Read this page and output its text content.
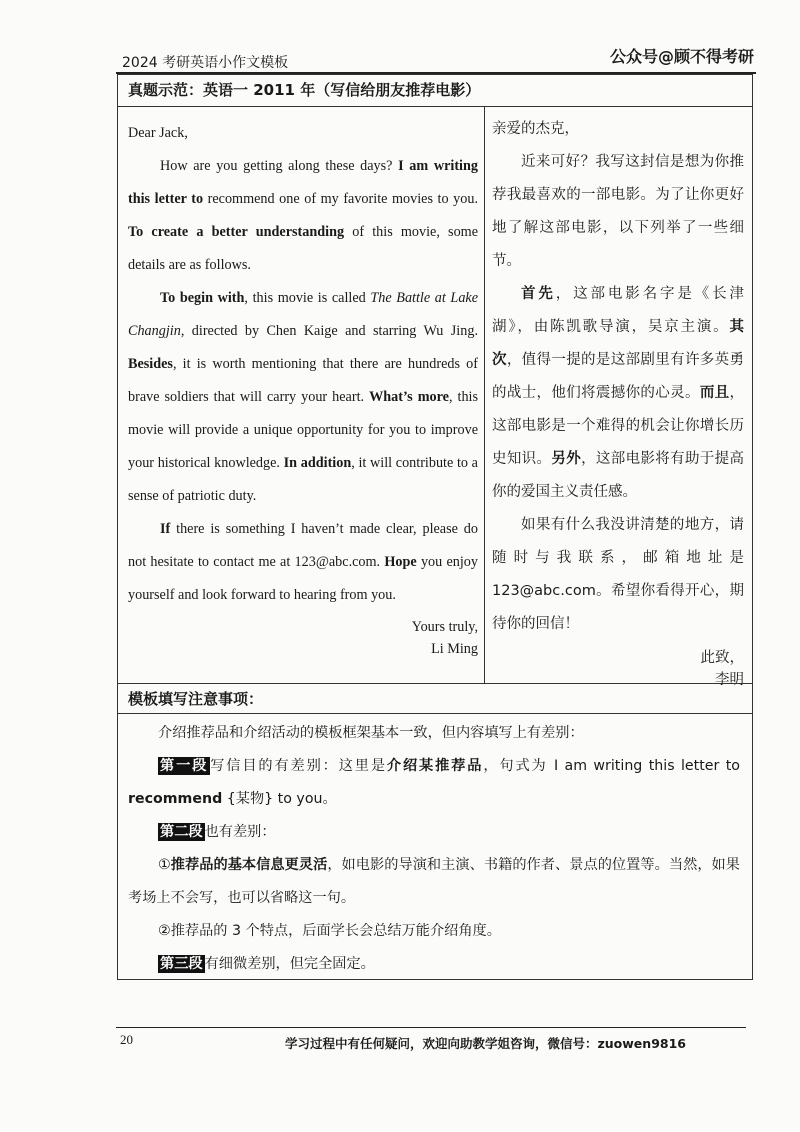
2024 考研英语小作文模板	公众号@顾不得考研
真题示范：英语一 2011 年（写信给朋友推荐电影）

Dear Jack,

How are you getting along these days? I am writing this letter to recommend one of my favorite movies to you. To create a better understanding of this movie, some details are as follows.

To begin with, this movie is called The Battle at Lake Changjin, directed by Chen Kaige and starring Wu Jing. Besides, it is worth mentioning that there are hundreds of brave soldiers that will carry your heart. What’s more, this movie will provide a unique opportunity for you to improve your historical knowledge. In addition, it will contribute to a sense of patriotic duty.

If there is something I haven’t made clear, please do not hesitate to contact me at 123@abc.com. Hope you enjoy yourself and look forward to hearing from you.

Yours truly,

Li Ming

亲爱的杰克，

近来可好？我写这封信是想为你推荐我最喜欢的一部电影。为了让你更好地了解这部电影，以下列举了一些细节。

首先，这部电影名字是《长津湖》，由陈凯歌导演，吴京主演。其次，值得一提的是这部剧里有许多英勇的战士，他们将震撼你的心灵。而且，这部电影是一个难得的机会让你增长历史知识。另外，这部电影将有助于提高你的爱国主义责任感。

如果有什么我没讲清楚的地方，请随时与我联系，邮箱地址是 123@abc.com。希望你看得开心，期待你的回信！

此致，

李明

模板填写注意事项：

介绍推荐品和介绍活动的模板框架基本一致，但内容填写上有差别：

第一段 写信目的有差别：这里是介绍某推荐品，句式为 I am writing this letter to recommend {某物} to you。

第二段 也有差别：

①推荐品的基本信息更灵活，如电影的导演和主演、书籍的作者、景点的位置等。当然，如果考场上不会写，也可以省略这一句。

②推荐品的 3 个特点，后面学长会总结万能介绍角度。

第三段 有细微差别，但完全固定。

20	学习过程中有任何疑问，欢迎向助教学姐咨询，微信号：zuowen9816
